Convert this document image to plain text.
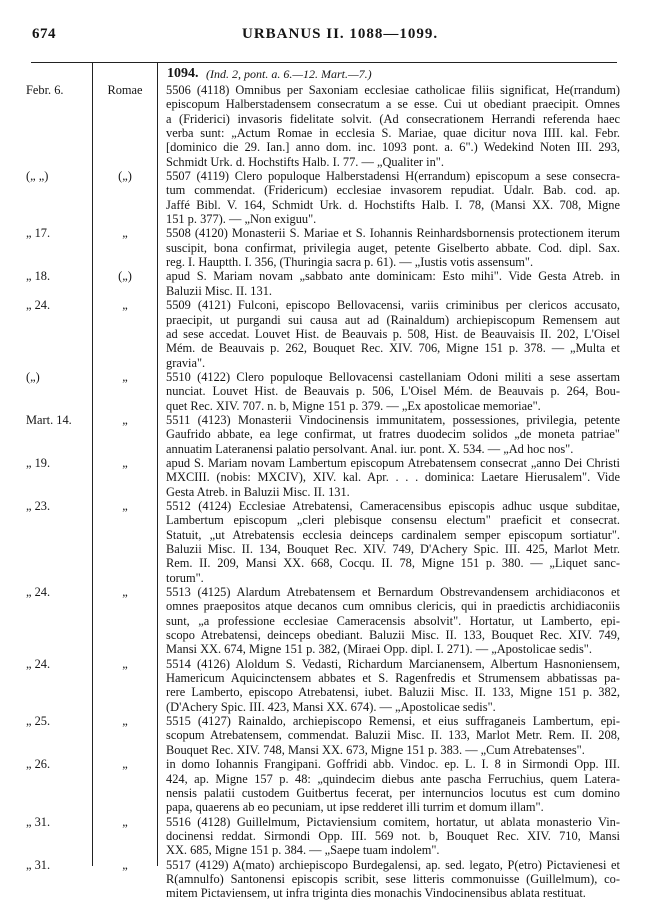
674	URBANUS II. 1088—1099.
1094. (Ind. 2, pont. a. 6.—12. Mart.—7.)
Febr. 6.	Romae	5506 (4118) Omnibus per Saxoniam ecclesiae catholicae filiis significat, He(rrandum)
episcopum Halberstadensem consecratum a se esse. Cui ut obediant praecipit. Omnes
a (Friderici) invasoris fidelitate solvit. (Ad consecrationem Herrandi referenda haec
verba sunt: „Actum Romae in ecclesia S. Mariae, quae dicitur nova IIII. kal. Febr.
[dominico die 29. Ian.] anno dom. inc. 1093 pont. a. 6".) Wedekind Noten III. 293,
Schmidt Urk. d. Hochstifts Halb. I. 77. — „Qualiter in".
(„ „)	(„)	5507 (4119) Clero populoque Halberstadensi H(errandum) episcopum a sese consecra-
tum commendat. (Fridericum) ecclesiae invasorem repudiat. Udalr. Bab. cod. ap.
Jaffé Bibl. V. 164, Schmidt Urk. d. Hochstifts Halb. I. 78, (Mansi XX. 708, Migne
151 p. 377). — „Non exiguu".
„ 17.	„	5508 (4120) Monasterii S. Mariae et S. Iohannis Reinhardsbornensis protectionem iterum
suscipit, bona confirmat, privilegia auget, petente Giselberto abbate. Cod. dipl. Sax.
reg. I. Hauptth. I. 356, (Thuringia sacra p. 61). — „Iustis votis assensum".
„ 18.	(„)	apud S. Mariam novam „sabbato ante dominicam: Esto mihi". Vide Gesta Atreb. in
Baluzii Misc. II. 131.
„ 24.	„	5509 (4121) Fulconi, episcopo Bellovacensi, variis criminibus per clericos accusato,
praecipit, ut purgandi sui causa aut ad (Rainaldum) archiepiscopum Remensem aut
ad sese accedat. Louvet Hist. de Beauvais p. 508, Hist. de Beauvaisis II. 202, L'Oisel
Mém. de Beauvais p. 262, Bouquet Rec. XIV. 706, Migne 151 p. 378. — „Multa et
gravia".
(„)	„	5510 (4122) Clero populoque Bellovacensi castellaniam Odoni militi a sese assertam
nunciat. Louvet Hist. de Beauvais p. 506, L'Oisel Mém. de Beauvais p. 264, Bou-
quet Rec. XIV. 707. n. b, Migne 151 p. 379. — „Ex apostolicae memoriae".
Mart. 14.	„	5511 (4123) Monasterii Vindocinensis immunitatem, possessiones, privilegia, petente
Gaufrido abbate, ea lege confirmat, ut fratres duodecim solidos „de moneta patriae"
annuatim Lateranensi palatio persolvant. Anal. iur. pont. X. 534. — „Ad hoc nos".
„ 19.	„	apud S. Mariam novam Lambertum episcopum Atrebatensem consecrat „anno Dei Christi
MXCIII. (nobis: MXCIV), XIV. kal. Apr. . . . dominica: Laetare Hierusalem". Vide
Gesta Atreb. in Baluzii Misc. II. 131.
„ 23.	„	5512 (4124) Ecclesiae Atrebatensi, Cameracensibus episcopis adhuc usque subditae,
Lambertum episcopum „cleri plebisque consensu electum" praeficit et consecrat.
Statuit, „ut Atrebatensis ecclesia deinceps cardinalem semper episcopum sortiatur".
Baluzii Misc. II. 134, Bouquet Rec. XIV. 749, D'Achery Spic. III. 425, Marlot Metr.
Rem. II. 209, Mansi XX. 668, Cocqu. II. 78, Migne 151 p. 380. — „Liquet sanc-
torum".
„ 24.	„	5513 (4125) Alardum Atrebatensem et Bernardum Obstrevandensem archidiaconos et
omnes praepositos atque decanos cum omnibus clericis, qui in praedictis archidiaconiis
sunt, „a professione ecclesiae Cameracensis absolvit". Hortatur, ut Lamberto, epi-
scopo Atrebatensi, deinceps obediant. Baluzii Misc. II. 133, Bouquet Rec. XIV. 749,
Mansi XX. 674, Migne 151 p. 382, (Miraei Opp. dipl. I. 271). — „Apostolicae sedis".
„ 24.	„	5514 (4126) Aloldum S. Vedasti, Richardum Marcianensem, Albertum Hasnoniensem,
Hamericum Aquicinctensem abbates et S. Ragenfredis et Strumensem abbatissas pa-
rere Lamberto, episcopo Atrebatensi, iubet. Baluzii Misc. II. 133, Migne 151 p. 382,
(D'Achery Spic. III. 423, Mansi XX. 674). — „Apostolicae sedis".
„ 25.	„	5515 (4127) Rainaldo, archiepiscopo Remensi, et eius suffraganeis Lambertum, epi-
scopum Atrebatensem, commendat. Baluzii Misc. II. 133, Marlot Metr. Rem. II. 208,
Bouquet Rec. XIV. 748, Mansi XX. 673, Migne 151 p. 383. — „Cum Atrebatenses".
„ 26.	„	in domo Iohannis Frangipani. Goffridi abb. Vindoc. ep. L. I. 8 in Sirmondi Opp. III.
424, ap. Migne 157 p. 48: „quindecim diebus ante pascha Ferruchius, quem Latera-
nensis palatii custodem Guitbertus fecerat, per internuncios locutus est cum domino
papa, quaerens ab eo pecuniam, ut ipse redderet illi turrim et domum illam".
„ 31.	„	5516 (4128) Guillelmum, Pictaviensium comitem, hortatur, ut ablata monasterio Vin-
docinensi reddat. Sirmondi Opp. III. 569 not. b, Bouquet Rec. XIV. 710, Mansi
XX. 685, Migne 151 p. 384. — „Saepe tuam indolem".
„ 31.	„	5517 (4129) A(mato) archiepiscopo Burdegalensi, ap. sed. legato, P(etro) Pictavienesi et
R(amnulfo) Santonensi episcopis scribit, sese litteris commonuisse (Guillelmum), co-
mitem Pictaviensem, ut infra triginta dies monachis Vindocinensibus ablata restituat.
